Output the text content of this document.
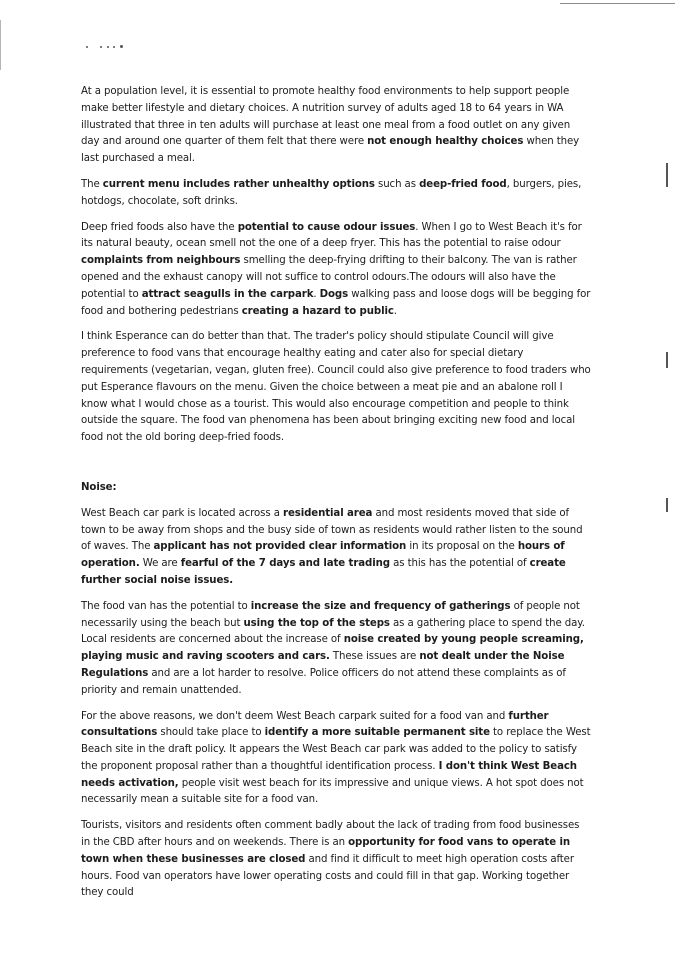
At a population level, it is essential to promote healthy food environments to help support people make better lifestyle and dietary choices. A nutrition survey of adults aged 18 to 64 years in WA illustrated that three in ten adults will purchase at least one meal from a food outlet on any given day and around one quarter of them felt that there were not enough healthy choices when they last purchased a meal.

The current menu includes rather unhealthy options such as deep-fried food, burgers, pies, hotdogs, chocolate, soft drinks.

Deep fried foods also have the potential to cause odour issues. When I go to West Beach it's for its natural beauty, ocean smell not the one of a deep fryer. This has the potential to raise odour complaints from neighbours smelling the deep-frying drifting to their balcony. The van is rather opened and the exhaust canopy will not suffice to control odours.The odours will also have the potential to attract seagulls in the carpark. Dogs walking pass and loose dogs will be begging for food and bothering pedestrians creating a hazard to public.

I think Esperance can do better than that. The trader's policy should stipulate Council will give preference to food vans that encourage healthy eating and cater also for special dietary requirements (vegetarian, vegan, gluten free). Council could also give preference to food traders who put Esperance flavours on the menu. Given the choice between a meat pie and an abalone roll I know what I would chose as a tourist. This would also encourage competition and people to think outside the square. The food van phenomena has been about bringing exciting new food and local food not the old boring deep-fried foods.

Noise:

West Beach car park is located across a residential area and most residents moved that side of town to be away from shops and the busy side of town as residents would rather listen to the sound of waves. The applicant has not provided clear information in its proposal on the hours of operation. We are fearful of the 7 days and late trading as this has the potential of create further social noise issues.

The food van has the potential to increase the size and frequency of gatherings of people not necessarily using the beach but using the top of the steps as a gathering place to spend the day. Local residents are concerned about the increase of noise created by young people screaming, playing music and raving scooters and cars. These issues are not dealt under the Noise Regulations and are a lot harder to resolve. Police officers do not attend these complaints as of priority and remain unattended.

For the above reasons, we don't deem West Beach carpark suited for a food van and further consultations should take place to identify a more suitable permanent site to replace the West Beach site in the draft policy. It appears the West Beach car park was added to the policy to satisfy the proponent proposal rather than a thoughtful identification process. I don't think West Beach needs activation, people visit west beach for its impressive and unique views. A hot spot does not necessarily mean a suitable site for a food van.

Tourists, visitors and residents often comment badly about the lack of trading from food businesses in the CBD after hours and on weekends. There is an opportunity for food vans to operate in town when these businesses are closed and find it difficult to meet high operation costs after hours. Food van operators have lower operating costs and could fill in that gap. Working together they could
